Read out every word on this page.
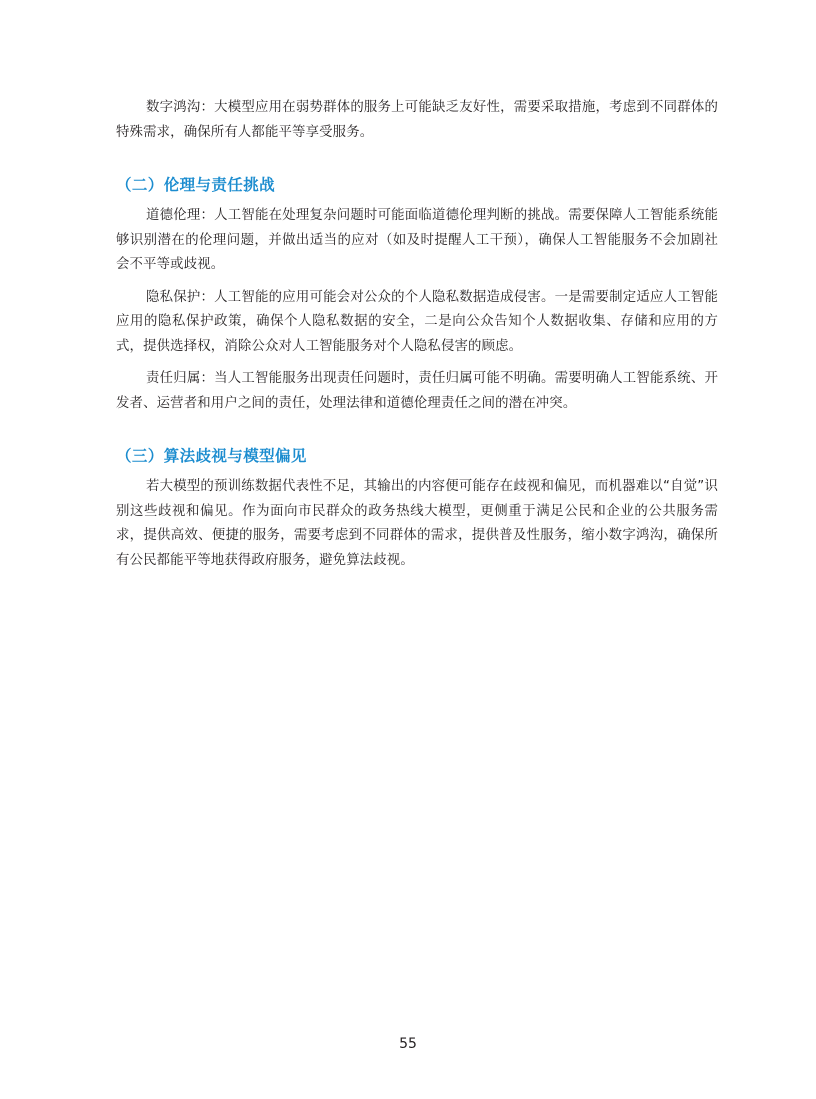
数字鸿沟：大模型应用在弱势群体的服务上可能缺乏友好性，需要采取措施，考虑到不同群体的特殊需求，确保所有人都能平等享受服务。

（二）伦理与责任挑战

道德伦理：人工智能在处理复杂问题时可能面临道德伦理判断的挑战。需要保障人工智能系统能够识别潜在的伦理问题，并做出适当的应对（如及时提醒人工干预），确保人工智能服务不会加剧社会不平等或歧视。

隐私保护：人工智能的应用可能会对公众的个人隐私数据造成侵害。一是需要制定适应人工智能应用的隐私保护政策，确保个人隐私数据的安全，二是向公众告知个人数据收集、存储和应用的方式，提供选择权，消除公众对人工智能服务对个人隐私侵害的顾虑。

责任归属：当人工智能服务出现责任问题时，责任归属可能不明确。需要明确人工智能系统、开发者、运营者和用户之间的责任，处理法律和道德伦理责任之间的潜在冲突。

（三）算法歧视与模型偏见

若大模型的预训练数据代表性不足，其输出的内容便可能存在歧视和偏见，而机器难以“自觉”识别这些歧视和偏见。作为面向市民群众的政务热线大模型，更侧重于满足公民和企业的公共服务需求，提供高效、便捷的服务，需要考虑到不同群体的需求，提供普及性服务，缩小数字鸿沟，确保所有公民都能平等地获得政府服务，避免算法歧视。

55
